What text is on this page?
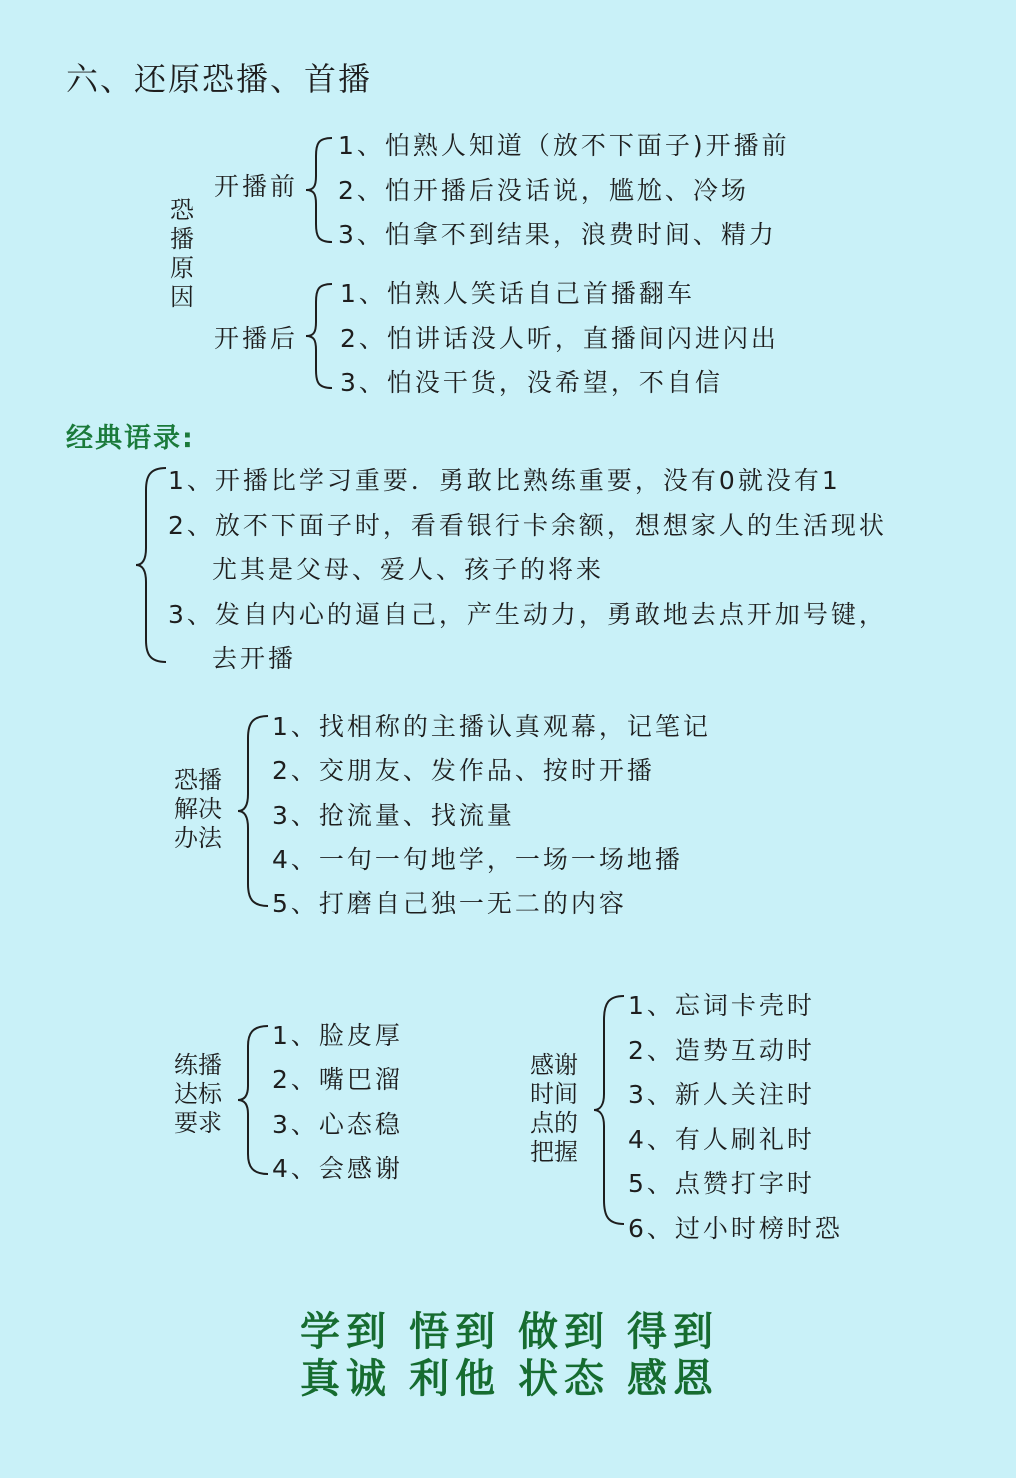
六、还原恐播、首播
恐播原因
开播前
1、怕熟人知道（放不下面子)开播前
2、怕开播后没话说，尴尬、冷场
3、怕拿不到结果，浪费时间、精力
开播后
1、怕熟人笑话自己首播翻车
2、怕讲话没人听，直播间闪进闪出
3、怕没干货，没希望，不自信
经典语录:
1、开播比学习重要．勇敢比熟练重要，没有0就没有1
2、放不下面子时，看看银行卡余额，想想家人的生活现状
尤其是父母、爱人、孩子的将来
3、发自内心的逼自己，产生动力，勇敢地去点开加号键，
去开播
恐播解决办法
1、找相称的主播认真观幕，记笔记
2、交朋友、发作品、按时开播
3、抢流量、找流量
4、一句一句地学，一场一场地播
5、打磨自己独一无二的内容
练播达标要求
1、脸皮厚
2、嘴巴溜
3、心态稳
4、会感谢
感谢时间点的把握
1、忘词卡壳时
2、造势互动时
3、新人关注时
4、有人刷礼时
5、点赞打字时
6、过小时榜时恐
学到 悟到 做到 得到
真诚 利他 状态 感恩
